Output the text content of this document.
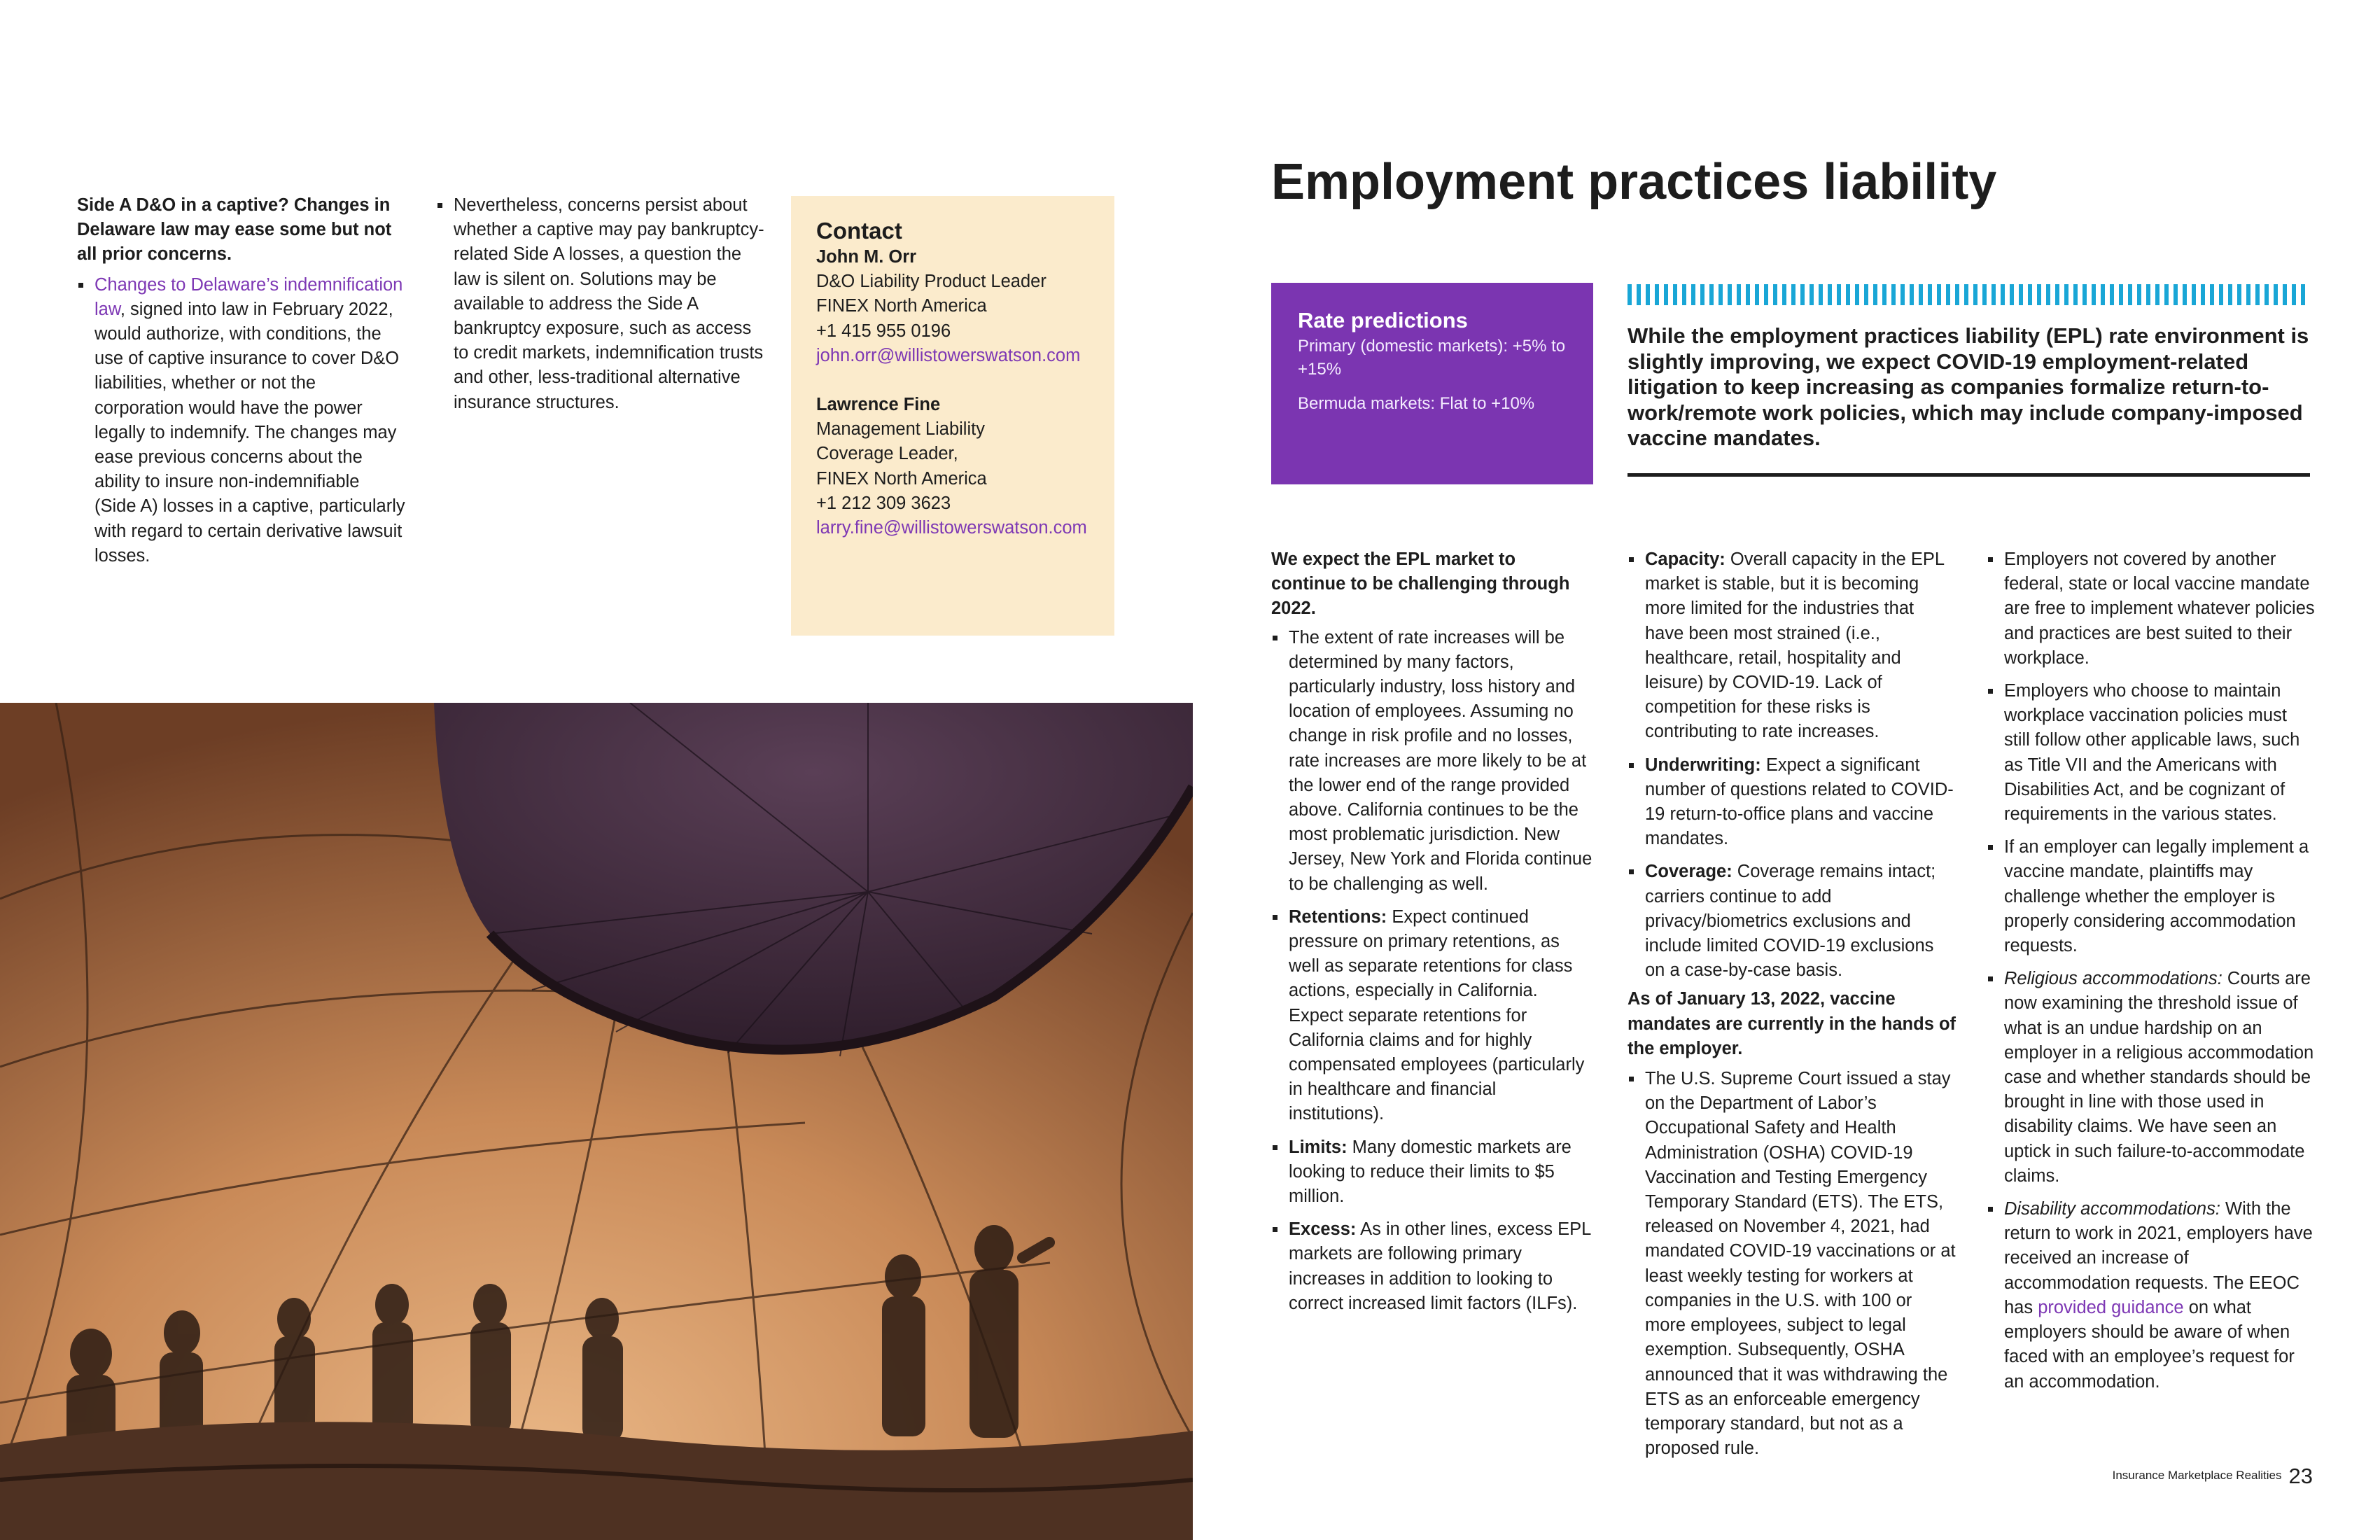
Side A D&O in a captive? Changes in Delaware law may ease some but not all prior concerns.

Changes to Delaware’s indemnification law, signed into law in February 2022, would authorize, with conditions, the use of captive insurance to cover D&O liabilities, whether or not the corporation would have the power legally to indemnify. The changes may ease previous concerns about the ability to insure non-indemnifiable (Side A) losses in a captive, particularly with regard to certain derivative lawsuit losses.
Nevertheless, concerns persist about whether a captive may pay bankruptcy-related Side A losses, a question the law is silent on. Solutions may be available to address the Side A bankruptcy exposure, such as access to credit markets, indemnification trusts and other, less-traditional alternative insurance structures.
Contact

John M. Orr

D&O Liability Product Leader

FINEX North America

+1 415 955 0196

john.orr@willistowerswatson.com

Lawrence Fine

Management Liability

Coverage Leader,

FINEX North America

+1 212 309 3623

larry.fine@willistowerswatson.com

Employment practices liability

Rate predictions

Primary (domestic markets): +5% to +15%

Bermuda markets: Flat to +10%

While the employment practices liability (EPL) rate environment is slightly improving, we expect COVID-19 employment-related litigation to keep increasing as companies formalize return-to-work/remote work policies, which may include company-imposed vaccine mandates.

We expect the EPL market to continue to be challenging through 2022.

The extent of rate increases will be determined by many factors, particularly industry, loss history and location of employees. Assuming no change in risk profile and no losses, rate increases are more likely to be at the lower end of the range provided above. California continues to be the most problematic jurisdiction. New Jersey, New York and Florida continue to be challenging as well.
Retentions: Expect continued pressure on primary retentions, as well as separate retentions for class actions, especially in California. Expect separate retentions for California claims and for highly compensated employees (particularly in healthcare and financial institutions).
Limits: Many domestic markets are looking to reduce their limits to $5 million.
Excess: As in other lines, excess EPL markets are following primary increases in addition to looking to correct increased limit factors (ILFs).
Capacity: Overall capacity in the EPL market is stable, but it is becoming more limited for the industries that have been most strained (i.e., healthcare, retail, hospitality and leisure) by COVID-19. Lack of competition for these risks is contributing to rate increases.
Underwriting: Expect a significant number of questions related to COVID-19 return-to-office plans and vaccine mandates.
Coverage: Coverage remains intact; carriers continue to add privacy/biometrics exclusions and include limited COVID-19 exclusions on a case-by-case basis.

As of January 13, 2022, vaccine mandates are currently in the hands of the employer.

The U.S. Supreme Court issued a stay on the Department of Labor’s Occupational Safety and Health Administration (OSHA) COVID-19 Vaccination and Testing Emergency Temporary Standard (ETS). The ETS, released on November 4, 2021, had mandated COVID-19 vaccinations or at least weekly testing for workers at companies in the U.S. with 100 or more employees, subject to legal exemption. Subsequently, OSHA announced that it was withdrawing the ETS as an enforceable emergency temporary standard, but not as a proposed rule.
Employers not covered by another federal, state or local vaccine mandate are free to implement whatever policies and practices are best suited to their workplace.
Employers who choose to maintain workplace vaccination policies must still follow other applicable laws, such as Title VII and the Americans with Disabilities Act, and be cognizant of requirements in the various states.
If an employer can legally implement a vaccine mandate, plaintiffs may challenge whether the employer is properly considering accommodation requests.
Religious accommodations: Courts are now examining the threshold issue of what is an undue hardship on an employer in a religious accommodation case and whether standards should be brought in line with those used in disability claims. We have seen an uptick in such failure-to-accommodate claims.
Disability accommodations: With the return to work in 2021, employers have received an increase of accommodation requests. The EEOC has provided guidance on what employers should be aware of when faced with an employee’s request for an accommodation.
Insurance Marketplace Realities 23
